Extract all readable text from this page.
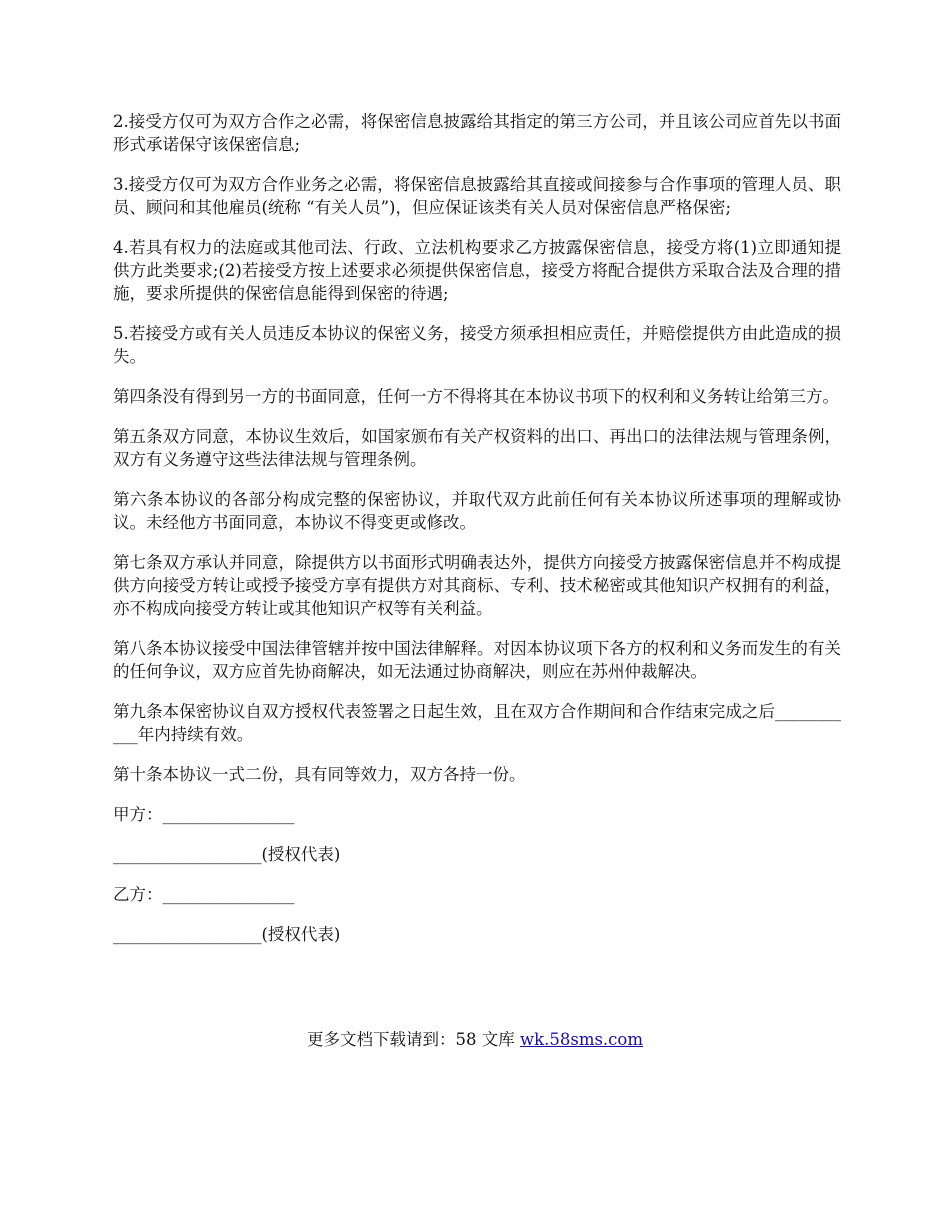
2.接受方仅可为双方合作之必需，将保密信息披露给其指定的第三方公司，并且该公司应首先以书面形式承诺保守该保密信息;

3.接受方仅可为双方合作业务之必需，将保密信息披露给其直接或间接参与合作事项的管理人员、职员、顾问和其他雇员(统称 “有关人员”)，但应保证该类有关人员对保密信息严格保密;

4.若具有权力的法庭或其他司法、行政、立法机构要求乙方披露保密信息，接受方将(1)立即通知提供方此类要求;(2)若接受方按上述要求必须提供保密信息，接受方将配合提供方采取合法及合理的措施，要求所提供的保密信息能得到保密的待遇;

5.若接受方或有关人员违反本协议的保密义务，接受方须承担相应责任，并赔偿提供方由此造成的损失。

第四条没有得到另一方的书面同意，任何一方不得将其在本协议书项下的权利和义务转让给第三方。

第五条双方同意，本协议生效后，如国家颁布有关产权资料的出口、再出口的法律法规与管理条例，双方有义务遵守这些法律法规与管理条例。

第六条本协议的各部分构成完整的保密协议，并取代双方此前任何有关本协议所述事项的理解或协议。未经他方书面同意，本协议不得变更或修改。

第七条双方承认并同意，除提供方以书面形式明确表达外，提供方向接受方披露保密信息并不构成提供方向接受方转让或授予接受方享有提供方对其商标、专利、技术秘密或其他知识产权拥有的利益，亦不构成向接受方转让或其他知识产权等有关利益。

第八条本协议接受中国法律管辖并按中国法律解释。对因本协议项下各方的权利和义务而发生的有关的任何争议，双方应首先协商解决，如无法通过协商解决，则应在苏州仲裁解决。

第九条本保密协议自双方授权代表签署之日起生效，且在双方合作期间和合作结束完成之后___________年内持续有效。

第十条本协议一式二份，具有同等效力，双方各持一份。

甲方：________________

__________________(授权代表)

乙方：________________

__________________(授权代表)

更多文档下载请到：58 文库 wk.58sms.com
